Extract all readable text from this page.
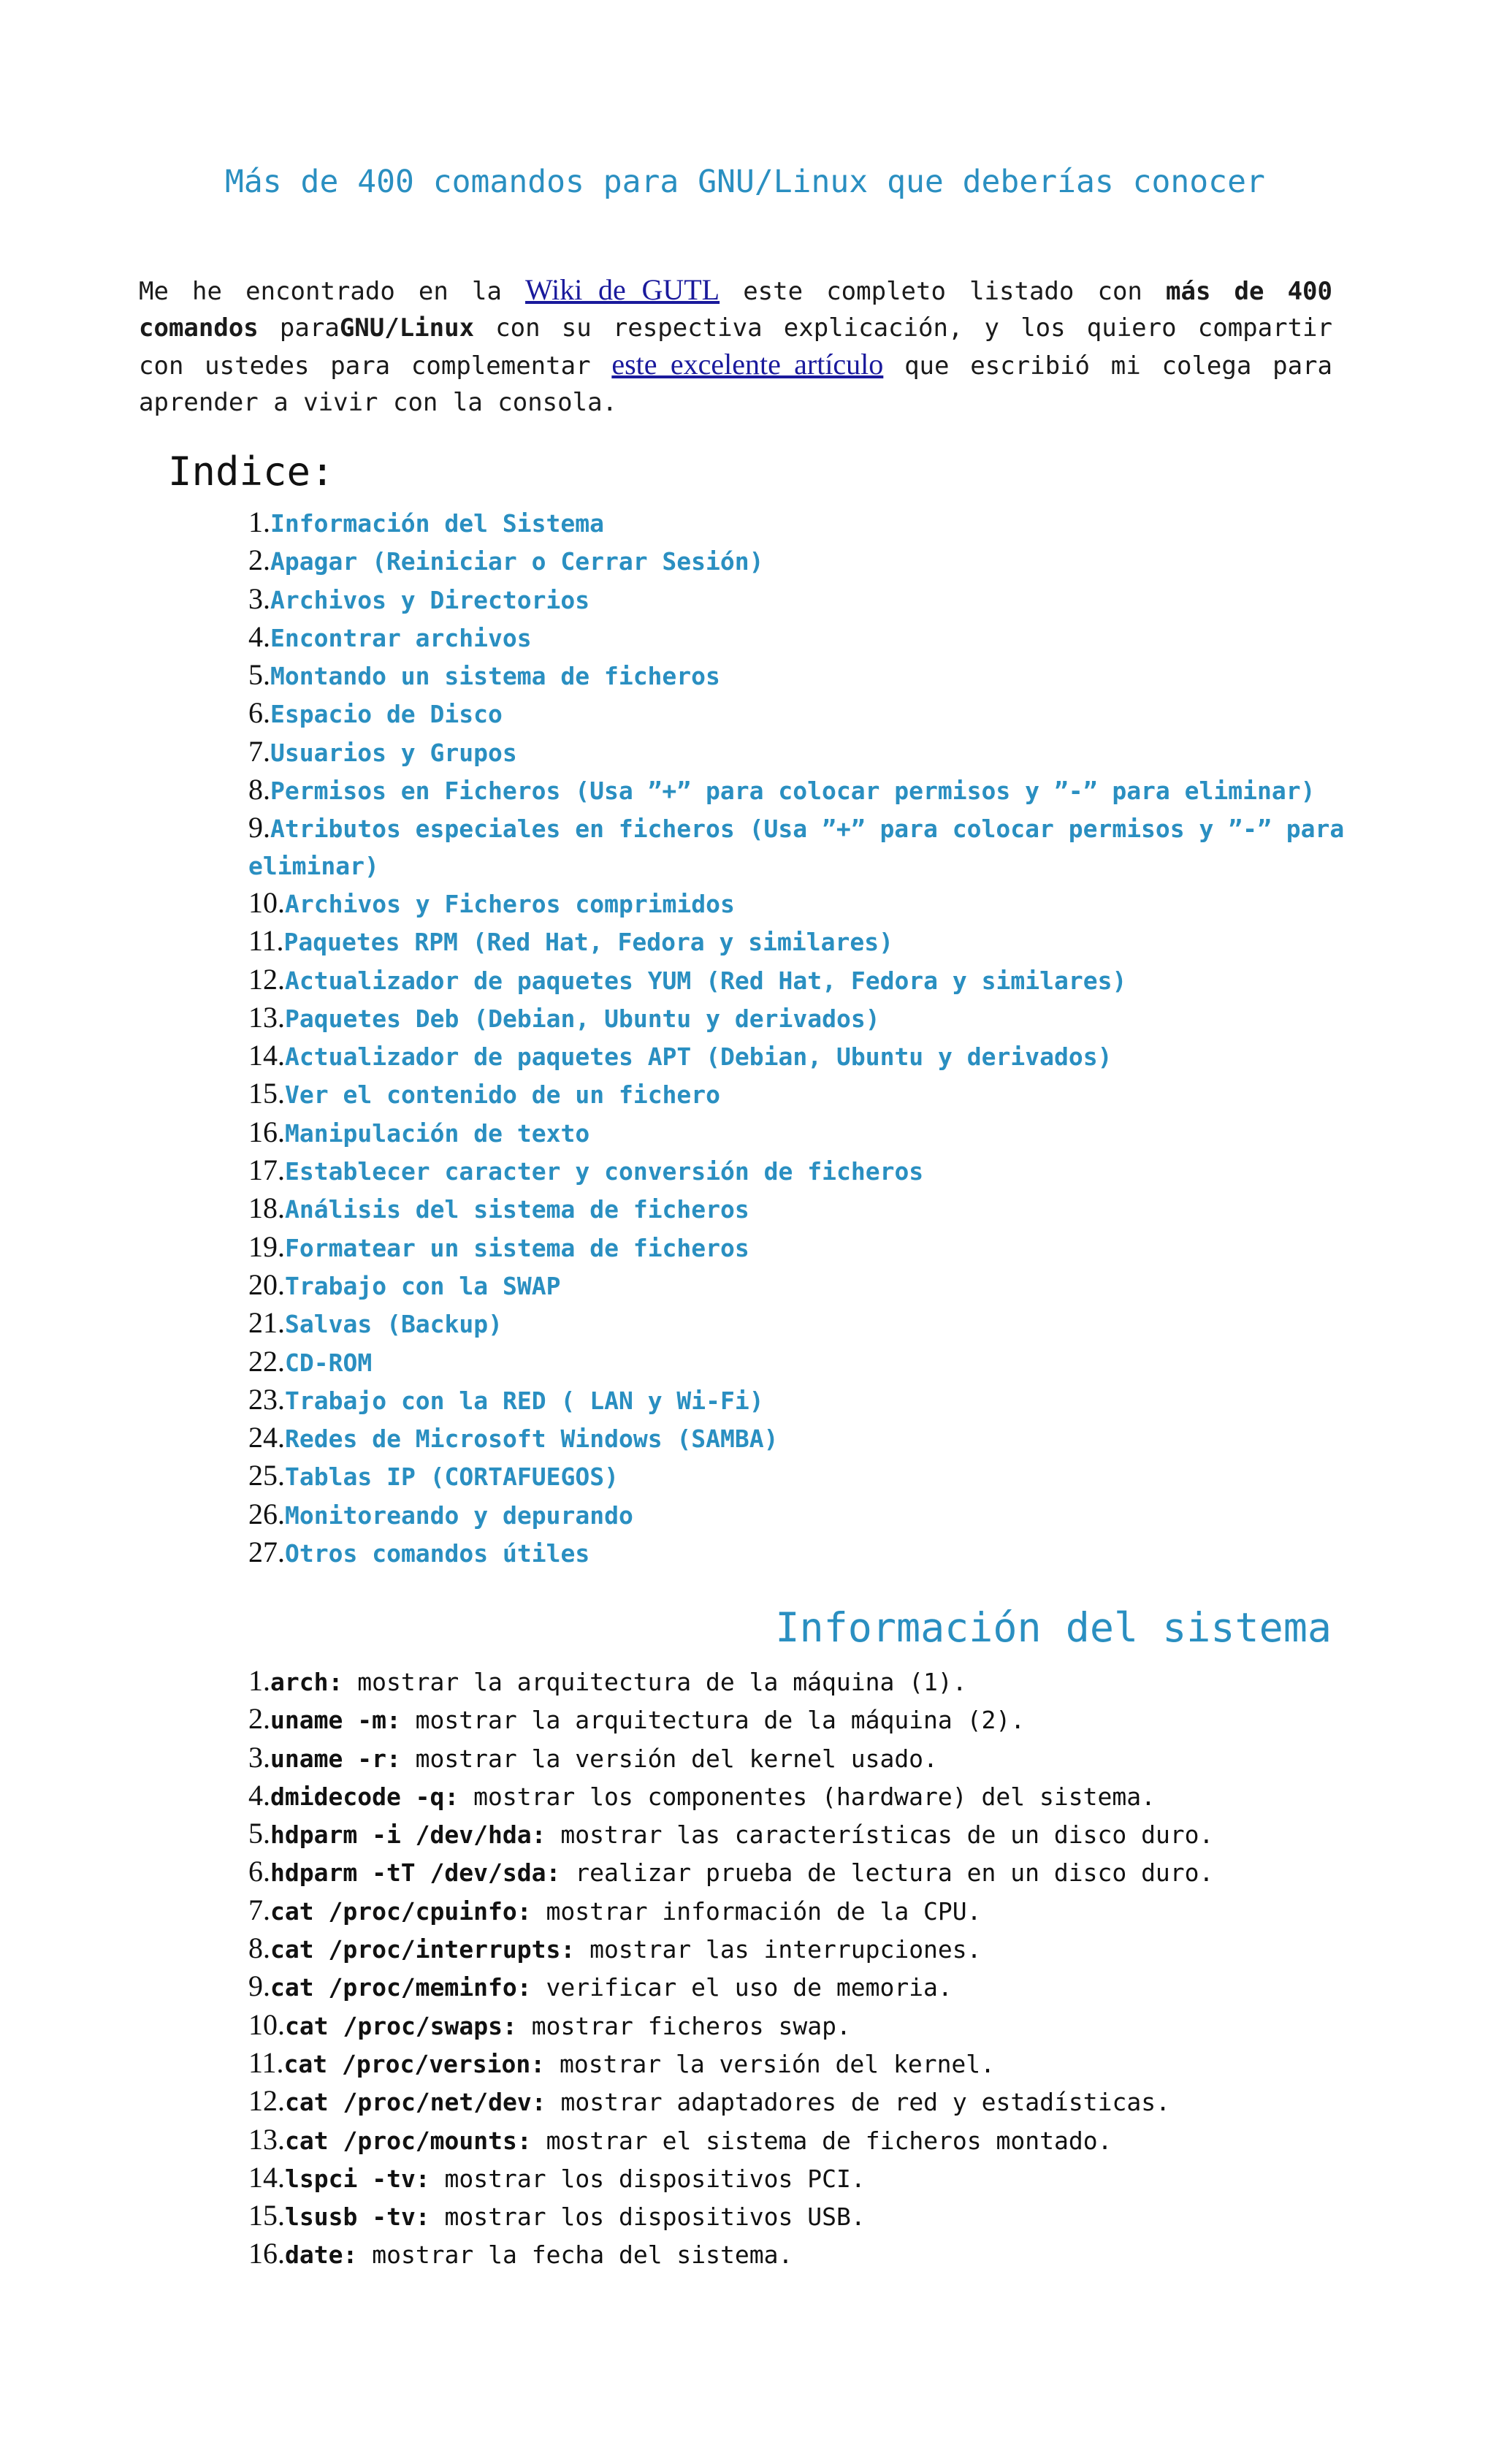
Más de 400 comandos para GNU/Linux que deberías conocer

Me he encontrado en la Wiki de GUTL este completo listado con más de 400 comandos paraGNU/Linux con su respectiva explicación, y los quiero compartir con ustedes para complementar este excelente artículo que escribió mi colega para aprender a vivir con la consola.

Indice:
1.Información del Sistema
2.Apagar (Reiniciar o Cerrar Sesión)
3.Archivos y Directorios
4.Encontrar archivos
5.Montando un sistema de ficheros
6.Espacio de Disco
7.Usuarios y Grupos
8.Permisos en Ficheros (Usa ”+” para colocar permisos y ”-” para eliminar)
9.Atributos especiales en ficheros (Usa ”+” para colocar permisos y ”-” para eliminar)
10.Archivos y Ficheros comprimidos
11.Paquetes RPM (Red Hat, Fedora y similares)
12.Actualizador de paquetes YUM (Red Hat, Fedora y similares)
13.Paquetes Deb (Debian, Ubuntu y derivados)
14.Actualizador de paquetes APT (Debian, Ubuntu y derivados)
15.Ver el contenido de un fichero
16.Manipulación de texto
17.Establecer caracter y conversión de ficheros
18.Análisis del sistema de ficheros
19.Formatear un sistema de ficheros
20.Trabajo con la SWAP
21.Salvas (Backup)
22.CD-ROM
23.Trabajo con la RED ( LAN y Wi-Fi)
24.Redes de Microsoft Windows (SAMBA)
25.Tablas IP (CORTAFUEGOS)
26.Monitoreando y depurando
27.Otros comandos útiles
Información del sistema
1.arch: mostrar la arquitectura de la máquina (1).
2.uname -m: mostrar la arquitectura de la máquina (2).
3.uname -r: mostrar la versión del kernel usado.
4.dmidecode -q: mostrar los componentes (hardware) del sistema.
5.hdparm -i /dev/hda: mostrar las características de un disco duro.
6.hdparm -tT /dev/sda: realizar prueba de lectura en un disco duro.
7.cat /proc/cpuinfo: mostrar información de la CPU.
8.cat /proc/interrupts: mostrar las interrupciones.
9.cat /proc/meminfo: verificar el uso de memoria.
10.cat /proc/swaps: mostrar ficheros swap.
11.cat /proc/version: mostrar la versión del kernel.
12.cat /proc/net/dev: mostrar adaptadores de red y estadísticas.
13.cat /proc/mounts: mostrar el sistema de ficheros montado.
14.lspci -tv: mostrar los dispositivos PCI.
15.lsusb -tv: mostrar los dispositivos USB.
16.date: mostrar la fecha del sistema.
